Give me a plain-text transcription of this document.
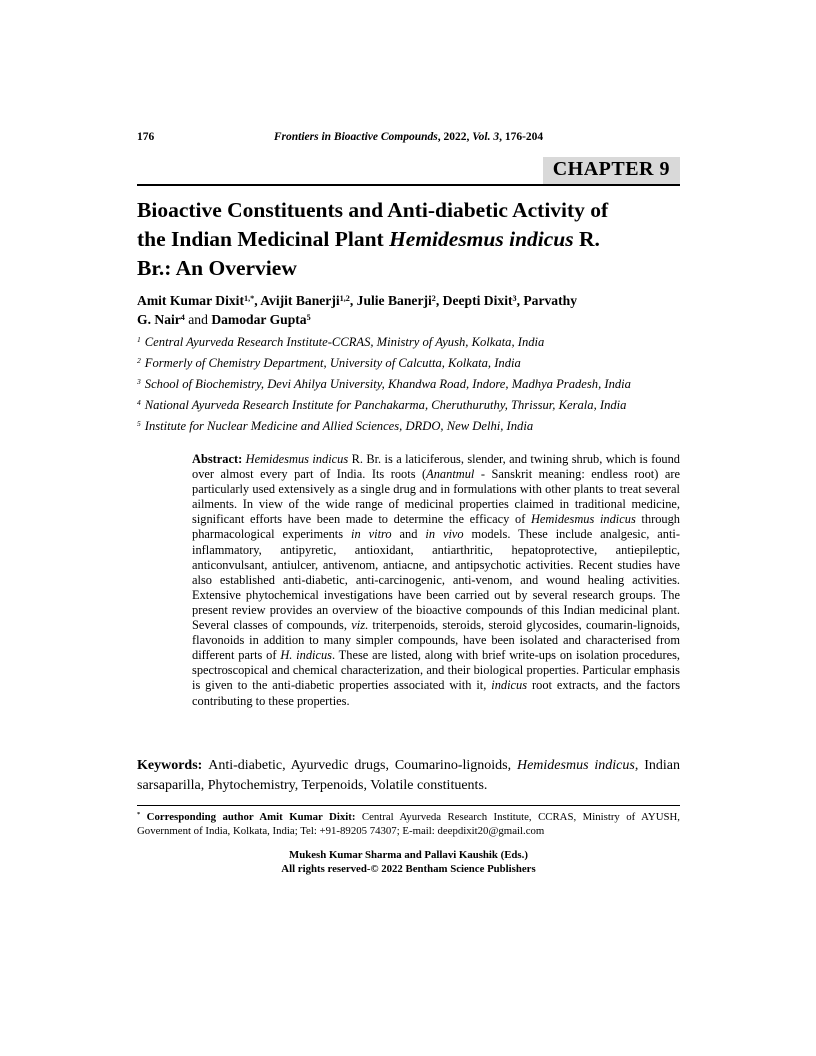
176	Frontiers in Bioactive Compounds, 2022, Vol. 3, 176-204
CHAPTER 9
Bioactive Constituents and Anti-diabetic Activity of
the Indian Medicinal Plant Hemidesmus indicus R.
Br.: An Overview
Amit Kumar Dixit$^{1,*}$, Avijit Banerji$^{1,2}$, Julie Banerji$^2$, Deepti Dixit$^3$, Parvathy
G. Nair$^4$ and Damodar Gupta$^5$
$^1$ Central Ayurveda Research Institute-CCRAS, Ministry of Ayush, Kolkata, India
$^2$ Formerly of Chemistry Department, University of Calcutta, Kolkata, India
$^3$ School of Biochemistry, Devi Ahilya University, Khandwa Road, Indore, Madhya Pradesh, India
$^4$ National Ayurveda Research Institute for Panchakarma, Cheruthuruthy, Thrissur, Kerala, India
$^5$ Institute for Nuclear Medicine and Allied Sciences, DRDO, New Delhi, India
Abstract: Hemidesmus indicus R. Br. is a laticiferous, slender, and twining shrub, which is found over almost every part of India. Its roots (Anantmul - Sanskrit meaning: endless root) are particularly used extensively as a single drug and in formulations with other plants to treat several ailments. In view of the wide range of medicinal properties claimed in traditional medicine, significant efforts have been made to determine the efficacy of Hemidesmus indicus through pharmacological experiments in vitro and in vivo models. These include analgesic, anti-inflammatory, antipyretic, antioxidant, antiarthritic, hepatoprotective, antiepileptic, anticonvulsant, antiulcer, antivenom, antiacne, and antipsychotic activities. Recent studies have also established anti-diabetic, anti-carcinogenic, anti-venom, and wound healing activities. Extensive phytochemical investigations have been carried out by several research groups. The present review provides an overview of the bioactive compounds of this Indian medicinal plant. Several classes of compounds, viz. triterpenoids, steroids, steroid glycosides, coumarin-lignoids, flavonoids in addition to many simpler compounds, have been isolated and characterised from different parts of H. indicus. These are listed, along with brief write-ups on isolation procedures, spectroscopical and chemical characterization, and their biological properties. Particular emphasis is given to the anti-diabetic properties associated with it, indicus root extracts, and the factors contributing to these properties.
Keywords: Anti-diabetic, Ayurvedic drugs, Coumarino-lignoids, Hemidesmus indicus, Indian sarsaparilla, Phytochemistry, Terpenoids, Volatile constituents.
* Corresponding author Amit Kumar Dixit: Central Ayurveda Research Institute, CCRAS, Ministry of AYUSH, Government of India, Kolkata, India; Tel: +91-89205 74307; E-mail: deepdixit20@gmail.com
Mukesh Kumar Sharma and Pallavi Kaushik (Eds.)
All rights reserved-© 2022 Bentham Science Publishers
